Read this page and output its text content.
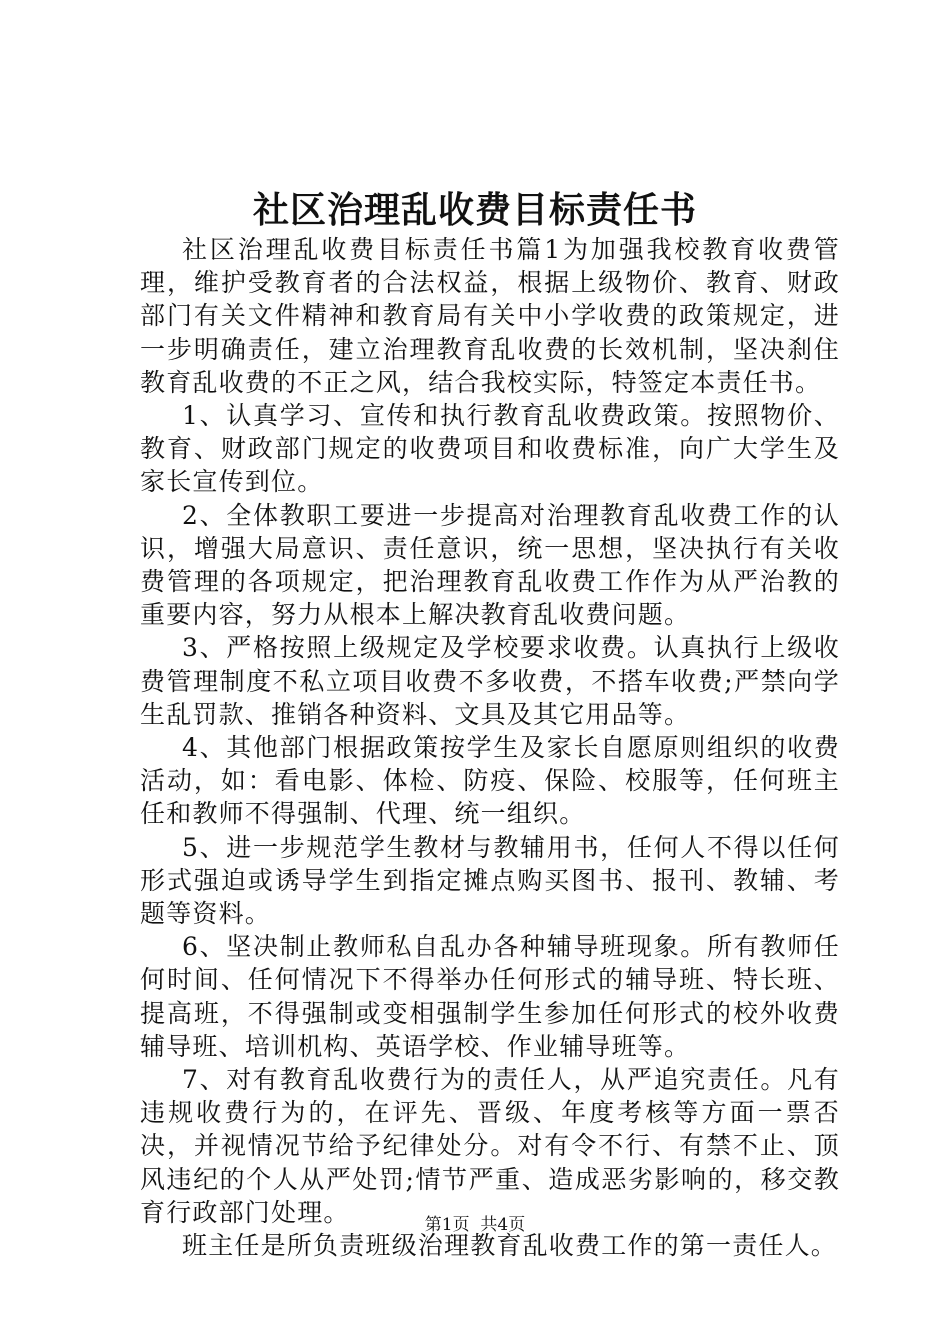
社区治理乱收费目标责任书

社区治理乱收费目标责任书篇1为加强我校教育收费管理，维护受教育者的合法权益，根据上级物价、教育、财政部门有关文件精神和教育局有关中小学收费的政策规定，进一步明确责任，建立治理教育乱收费的长效机制，坚决刹住教育乱收费的不正之风，结合我校实际，特签定本责任书。

1、认真学习、宣传和执行教育乱收费政策。按照物价、教育、财政部门规定的收费项目和收费标准，向广大学生及家长宣传到位。

2、全体教职工要进一步提高对治理教育乱收费工作的认识，增强大局意识、责任意识，统一思想，坚决执行有关收费管理的各项规定，把治理教育乱收费工作作为从严治教的重要内容，努力从根本上解决教育乱收费问题。

3、严格按照上级规定及学校要求收费。认真执行上级收费管理制度不私立项目收费不多收费，不搭车收费;严禁向学生乱罚款、推销各种资料、文具及其它用品等。

4、其他部门根据政策按学生及家长自愿原则组织的收费活动，如：看电影、体检、防疫、保险、校服等，任何班主任和教师不得强制、代理、统一组织。

5、进一步规范学生教材与教辅用书，任何人不得以任何形式强迫或诱导学生到指定摊点购买图书、报刊、教辅、考题等资料。

6、坚决制止教师私自乱办各种辅导班现象。所有教师任何时间、任何情况下不得举办任何形式的辅导班、特长班、提高班，不得强制或变相强制学生参加任何形式的校外收费辅导班、培训机构、英语学校、作业辅导班等。

7、对有教育乱收费行为的责任人，从严追究责任。凡有违规收费行为的，在评先、晋级、年度考核等方面一票否决，并视情况节给予纪律处分。对有令不行、有禁不止、顶风违纪的个人从严处罚;情节严重、造成恶劣影响的，移交教育行政部门处理。

班主任是所负责班级治理教育乱收费工作的第一责任人。

第1页  共4页
